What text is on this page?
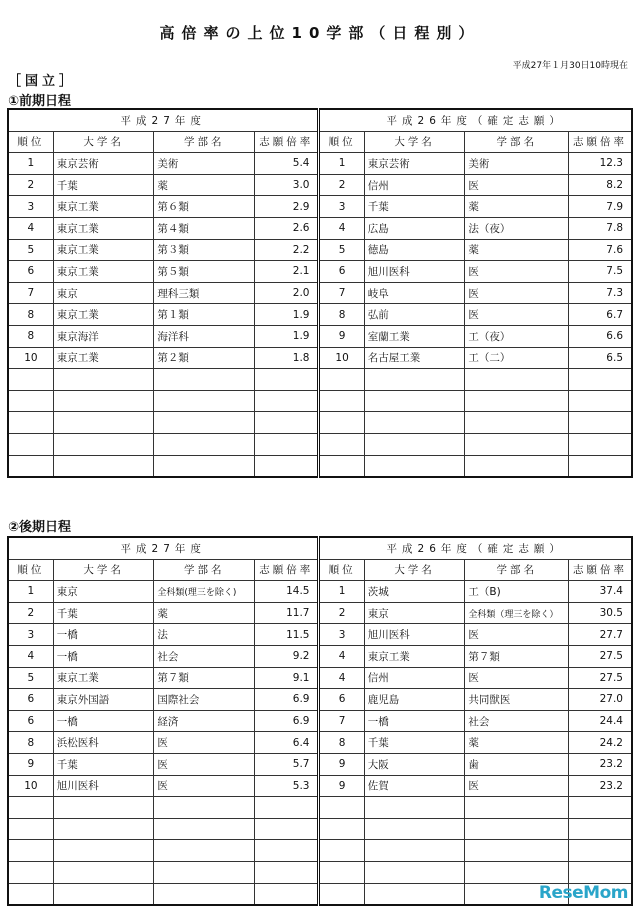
高倍率の上位10学部（日程別）
平成27年１月30日10時現在
［国立］
①前期日程
平成27年度				平成26年度（確定志願）			
順位	大学名	学部名	志願倍率	順位	大学名	学部名	志願倍率
1	東京芸術	美術	5.4	1	東京芸術	美術	12.3
2	千葉	薬	3.0	2	信州	医	8.2
3	東京工業	第６類	2.9	3	千葉	薬	7.9
4	東京工業	第４類	2.6	4	広島	法（夜）	7.8
5	東京工業	第３類	2.2	5	徳島	薬	7.6
6	東京工業	第５類	2.1	6	旭川医科	医	7.5
7	東京	理科三類	2.0	7	岐阜	医	7.3
8	東京工業	第１類	1.9	8	弘前	医	6.7
8	東京海洋	海洋科	1.9	9	室蘭工業	工（夜）	6.6
10	東京工業	第２類	1.8	10	名古屋工業	工（二）	6.5

②後期日程
平成27年度				平成26年度（確定志願）			
順位	大学名	学部名	志願倍率	順位	大学名	学部名	志願倍率
1	東京	全科類(理三を除く)	14.5	1	茨城	工（B)	37.4
2	千葉	薬	11.7	2	東京	全科類（理三を除く）	30.5
3	一橋	法	11.5	3	旭川医科	医	27.7
4	一橋	社会	9.2	4	東京工業	第７類	27.5
5	東京工業	第７類	9.1	4	信州	医	27.5
6	東京外国語	国際社会	6.9	6	鹿児島	共同獣医	27.0
6	一橋	経済	6.9	7	一橋	社会	24.4
8	浜松医科	医	6.4	8	千葉	薬	24.2
9	千葉	医	5.7	9	大阪	歯	23.2
10	旭川医科	医	5.3	9	佐賀	医	23.2

ReseMom
